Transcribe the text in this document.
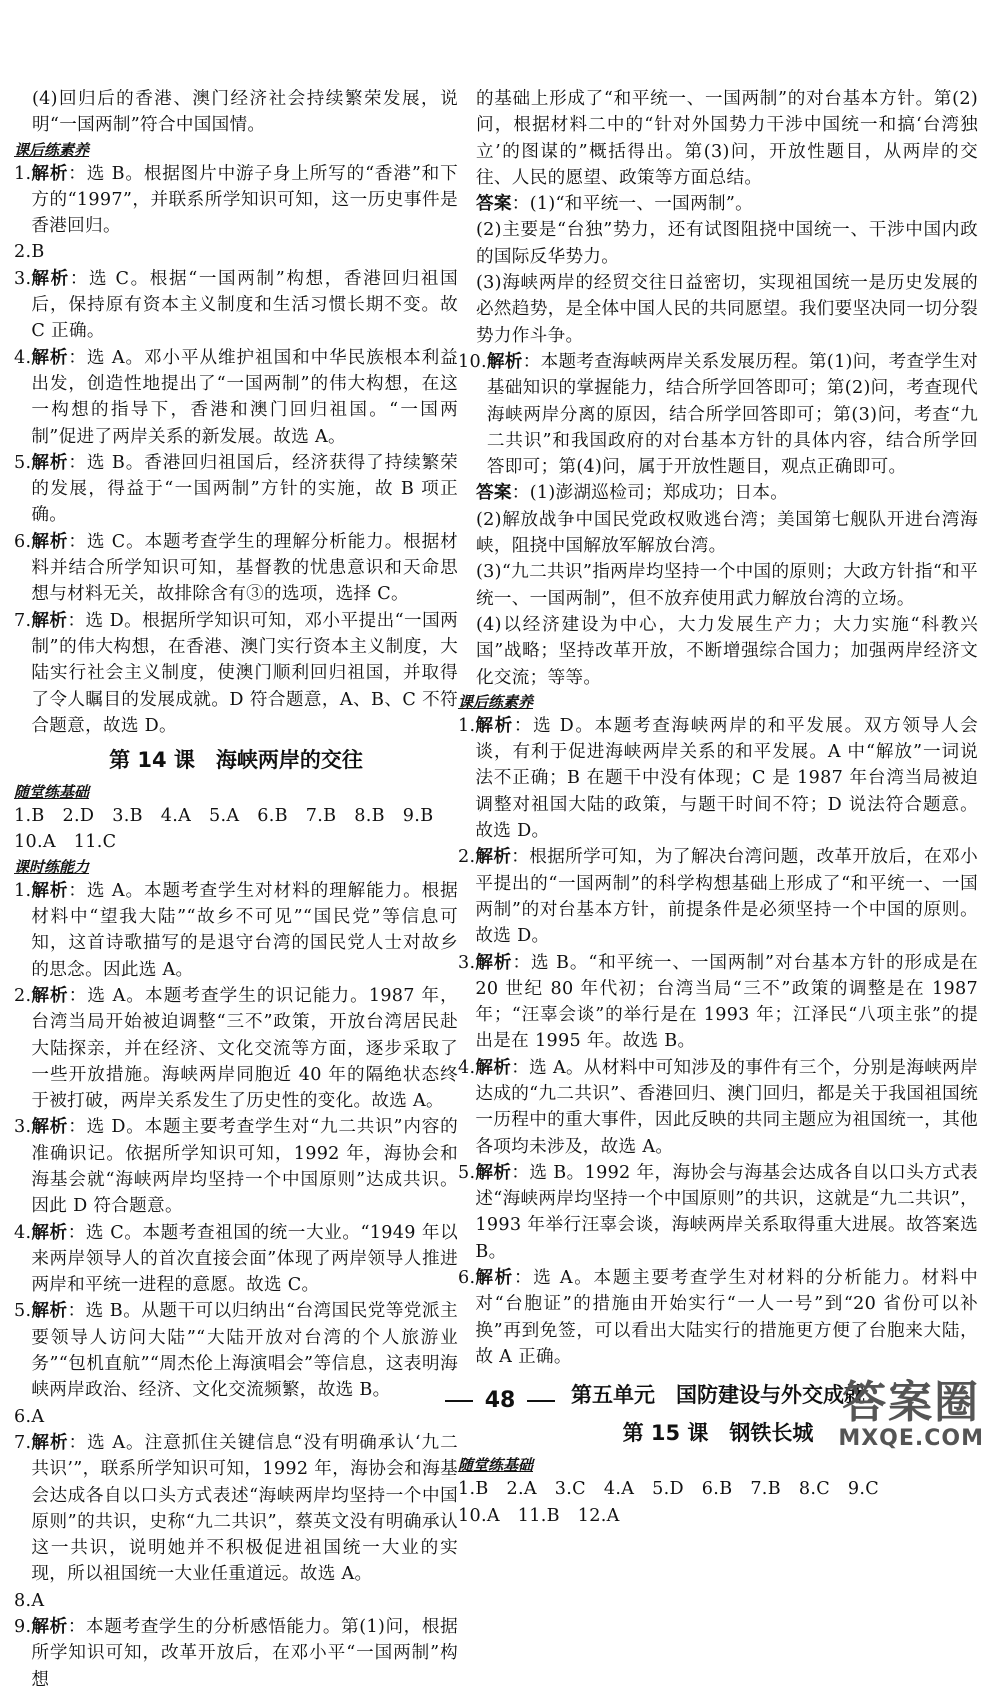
(4)回归后的香港、澳门经济社会持续繁荣发展，说明“一国两制”符合中国国情。

课后练素养
1. 解析：选 B。根据图片中游子身上所写的“香港”和下方的“1997”，并联系所学知识可知，这一历史事件是香港回归。
2. B
3. 解析：选 C。根据“一国两制”构想，香港回归祖国后，保持原有资本主义制度和生活习惯长期不变。故 C 正确。
4. 解析：选 A。邓小平从维护祖国和中华民族根本利益出发，创造性地提出了“一国两制”的伟大构想，在这一构想的指导下，香港和澳门回归祖国。“一国两制”促进了两岸关系的新发展。故选 A。
5. 解析：选 B。香港回归祖国后，经济获得了持续繁荣的发展，得益于“一国两制”方针的实施，故 B 项正确。
6. 解析：选 C。本题考查学生的理解分析能力。根据材料并结合所学知识可知，基督教的忧患意识和天命思想与材料无关，故排除含有③的选项，选择 C。
7. 解析：选 D。根据所学知识可知，邓小平提出“一国两制”的伟大构想，在香港、澳门实行资本主义制度，大陆实行社会主义制度，使澳门顺利回归祖国，并取得了令人瞩目的发展成就。D 符合题意，A、B、C 不符合题意，故选 D。
第 14 课　海峡两岸的交往
随堂练基础

1.B　2.D　3.B　4.A　5.A　6.B　7.B　8.B　9.B

10.A　11.C

课时练能力
1. 解析：选 A。本题考查学生对材料的理解能力。根据材料中“望我大陆”“故乡不可见”“国民党”等信息可知，这首诗歌描写的是退守台湾的国民党人士对故乡的思念。因此选 A。
2. 解析：选 A。本题考查学生的识记能力。1987 年，台湾当局开始被迫调整“三不”政策，开放台湾居民赴大陆探亲，并在经济、文化交流等方面，逐步采取了一些开放措施。海峡两岸同胞近 40 年的隔绝状态终于被打破，两岸关系发生了历史性的变化。故选 A。
3. 解析：选 D。本题主要考查学生对“九二共识”内容的准确识记。依据所学知识可知，1992 年，海协会和海基会就“海峡两岸均坚持一个中国原则”达成共识。因此 D 符合题意。
4. 解析：选 C。本题考查祖国的统一大业。“1949 年以来两岸领导人的首次直接会面”体现了两岸领导人推进两岸和平统一进程的意愿。故选 C。
5. 解析：选 B。从题干可以归纳出“台湾国民党等党派主要领导人访问大陆”“大陆开放对台湾的个人旅游业务”“包机直航”“周杰伦上海演唱会”等信息，这表明海峡两岸政治、经济、文化交流频繁，故选 B。
6. A
7. 解析：选 A。注意抓住关键信息“没有明确承认‘九二共识’”，联系所学知识可知，1992 年，海协会和海基会达成各自以口头方式表述“海峡两岸均坚持一个中国原则”的共识，史称“九二共识”，蔡英文没有明确承认这一共识，说明她并不积极促进祖国统一大业的实现，所以祖国统一大业任重道远。故选 A。
8. A
9. 解析：本题考查学生的分析感悟能力。第(1)问，根据所学知识可知，改革开放后，在邓小平“一国两制”构想

的基础上形成了“和平统一、一国两制”的对台基本方针。第(2)问，根据材料二中的“针对外国势力干涉中国统一和搞‘台湾独立’的图谋的”概括得出。第(3)问，开放性题目，从两岸的交往、人民的愿望、政策等方面总结。

答案：(1)“和平统一、一国两制”。

(2)主要是“台独”势力，还有试图阻挠中国统一、干涉中国内政的国际反华势力。

(3)海峡两岸的经贸交往日益密切，实现祖国统一是历史发展的必然趋势，是全体中国人民的共同愿望。我们要坚决同一切分裂势力作斗争。

10. 解析：本题考查海峡两岸关系发展历程。第(1)问，考查学生对基础知识的掌握能力，结合所学回答即可；第(2)问，考查现代海峡两岸分离的原因，结合所学回答即可；第(3)问，考查“九二共识”和我国政府的对台基本方针的具体内容，结合所学回答即可；第(4)问，属于开放性题目，观点正确即可。

答案：(1)澎湖巡检司；郑成功；日本。

(2)解放战争中国民党政权败逃台湾；美国第七舰队开进台湾海峡，阻挠中国解放军解放台湾。

(3)“九二共识”指两岸均坚持一个中国的原则；大政方针指“和平统一、一国两制”，但不放弃使用武力解放台湾的立场。

(4)以经济建设为中心，大力发展生产力；大力实施“科教兴国”战略；坚持改革开放，不断增强综合国力；加强两岸经济文化交流；等等。

课后练素养
1. 解析：选 D。本题考查海峡两岸的和平发展。双方领导人会谈，有利于促进海峡两岸关系的和平发展。A 中“解放”一词说法不正确；B 在题干中没有体现；C 是 1987 年台湾当局被迫调整对祖国大陆的政策，与题干时间不符；D 说法符合题意。故选 D。
2. 解析：根据所学可知，为了解决台湾问题，改革开放后，在邓小平提出的“一国两制”的科学构想基础上形成了“和平统一、一国两制”的对台基本方针，前提条件是必须坚持一个中国的原则。故选 D。
3. 解析：选 B。“和平统一、一国两制”对台基本方针的形成是在 20 世纪 80 年代初；台湾当局“三不”政策的调整是在 1987 年；“汪辜会谈”的举行是在 1993 年；江泽民“八项主张”的提出是在 1995 年。故选 B。
4. 解析：选 A。从材料中可知涉及的事件有三个，分别是海峡两岸达成的“九二共识”、香港回归、澳门回归，都是关于我国祖国统一历程中的重大事件，因此反映的共同主题应为祖国统一，其他各项均未涉及，故选 A。
5. 解析：选 B。1992 年，海协会与海基会达成各自以口头方式表述“海峡两岸均坚持一个中国原则”的共识，这就是“九二共识”，1993 年举行汪辜会谈，海峡两岸关系取得重大进展。故答案选 B。
6. 解析：选 A。本题主要考查学生对材料的分析能力。材料中对“台胞证”的措施由开始实行“一人一号”到“20 省份可以补换”再到免签，可以看出大陆实行的措施更方便了台胞来大陆，故 A 正确。
第五单元　国防建设与外交成就
第 15 课　钢铁长城
随堂练基础

1.B　2.A　3.C　4.A　5.D　6.B　7.B　8.C　9.C

10.A　11.B　12.A

48	答案圈
MXQE.COM
